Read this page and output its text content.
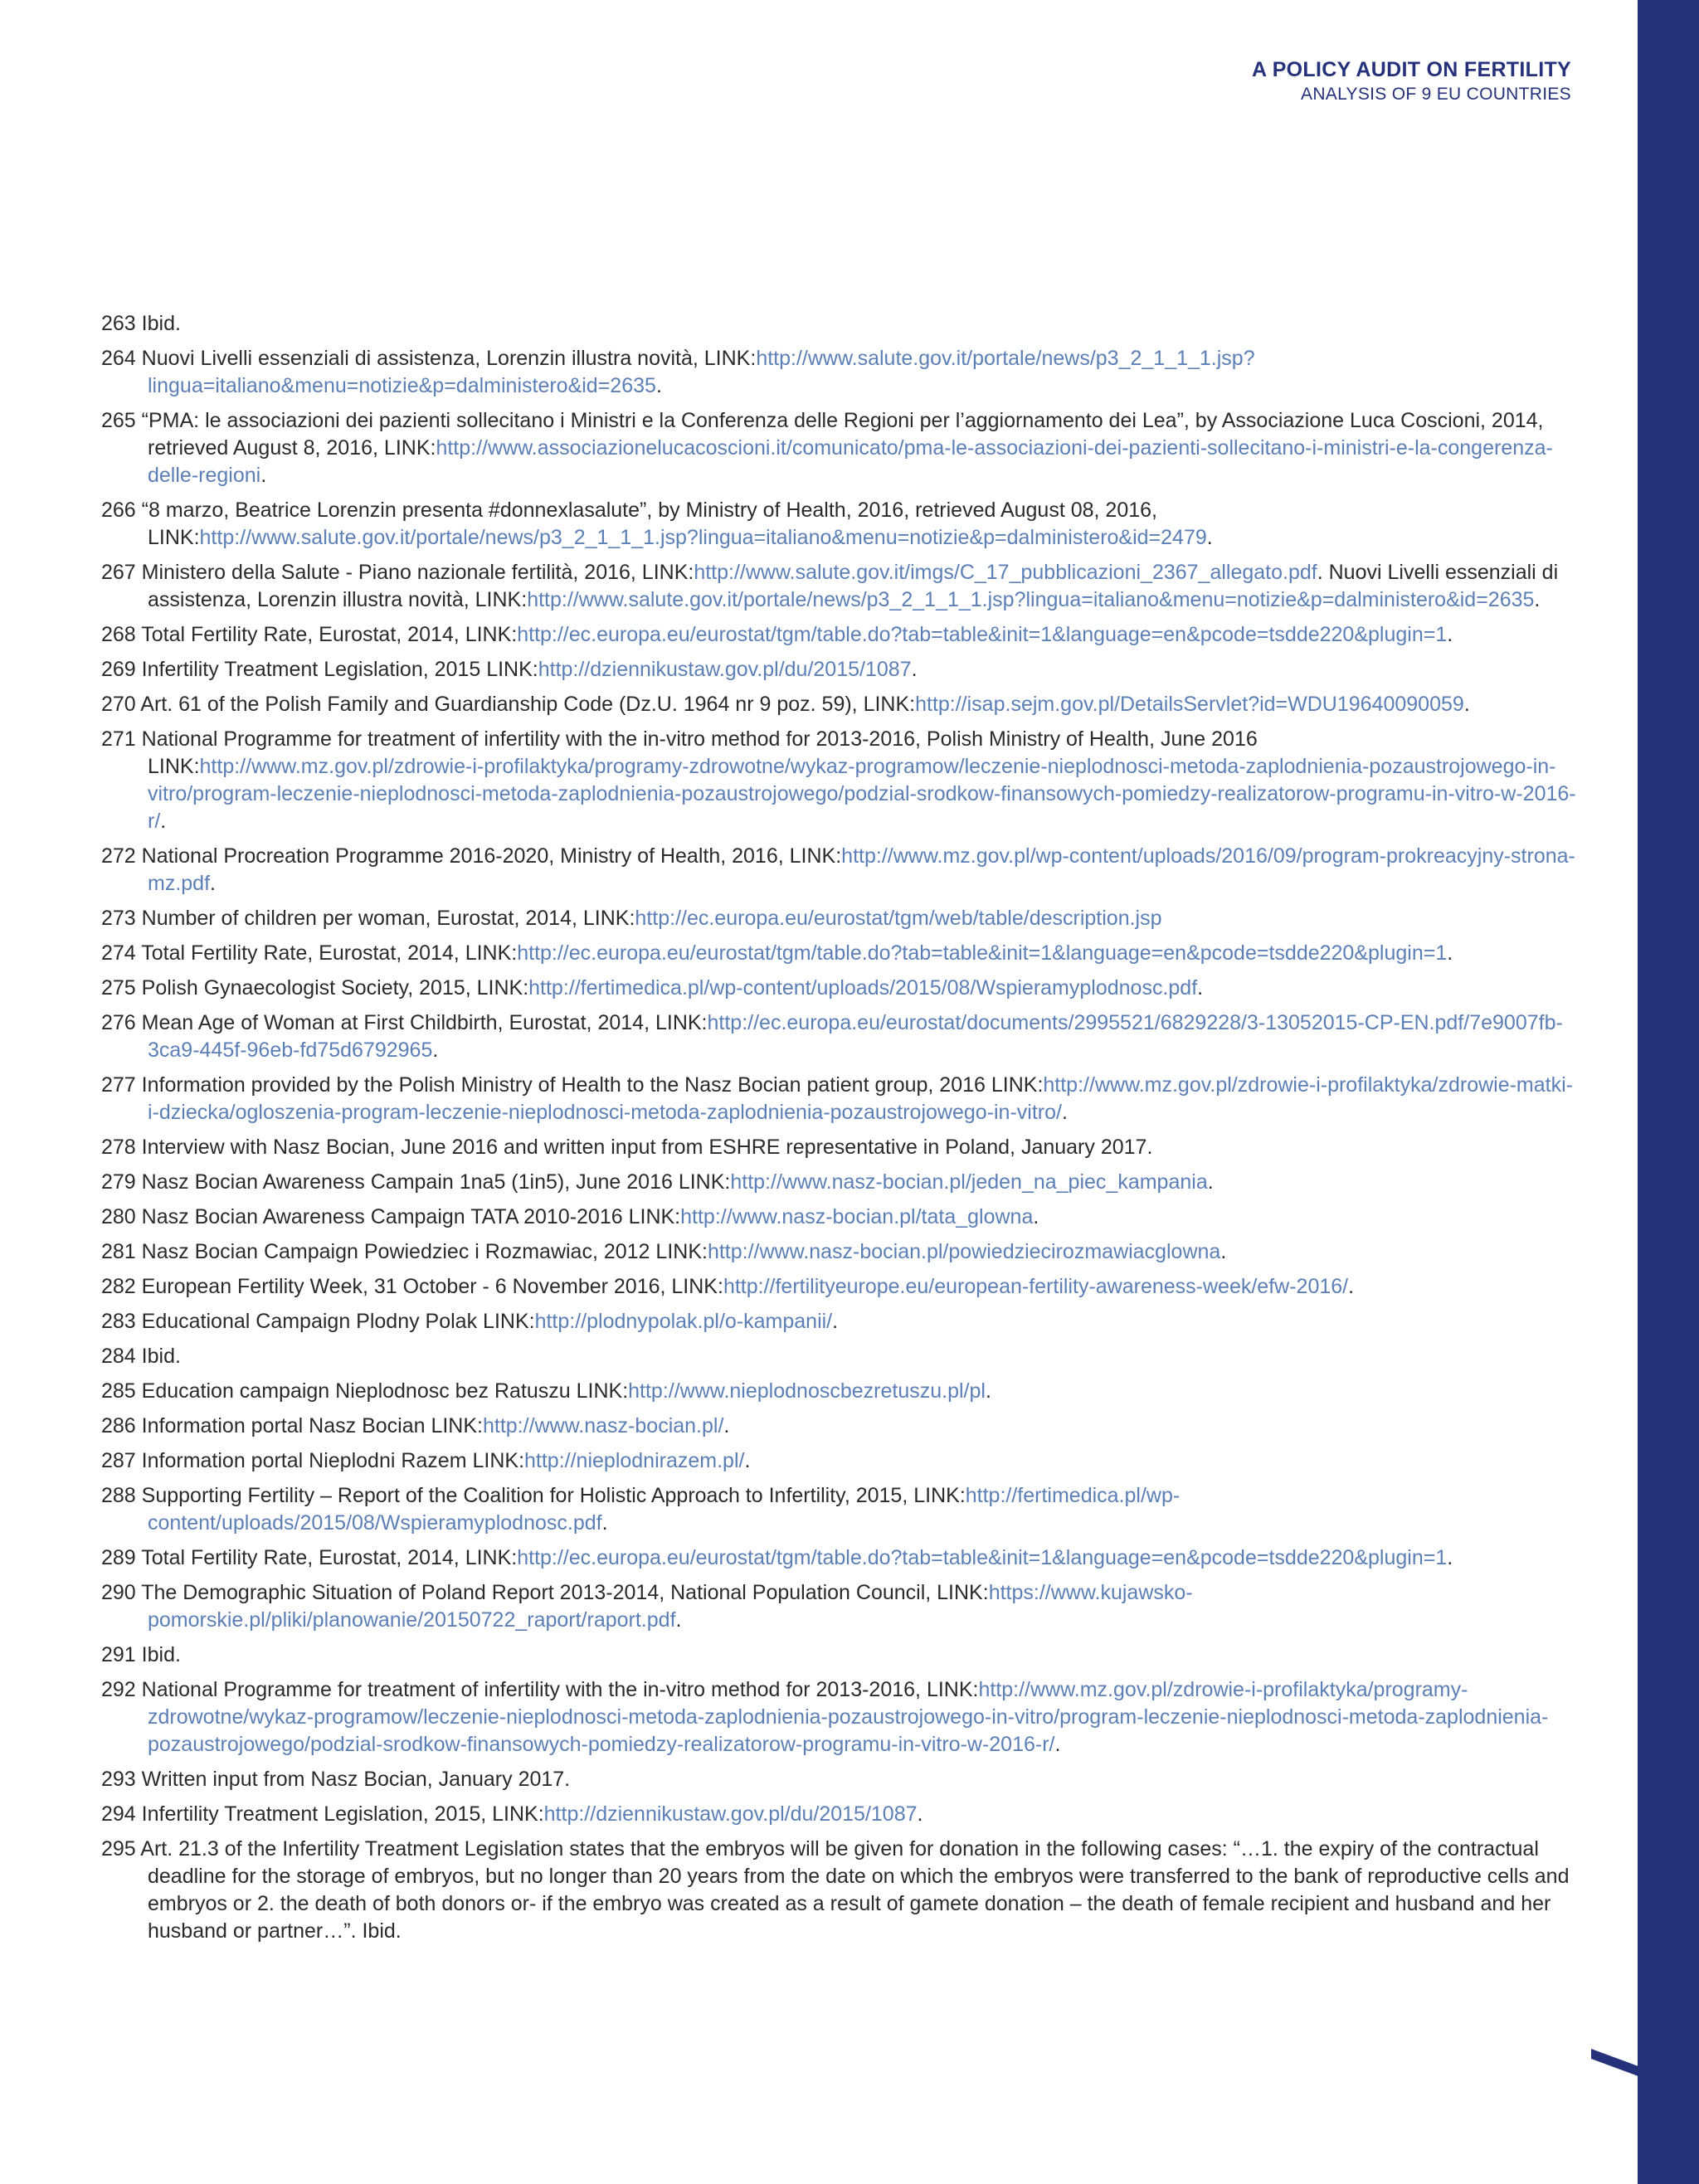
A POLICY AUDIT ON FERTILITY
ANALYSIS OF 9 EU COUNTRIES
263 Ibid.
264 Nuovi Livelli essenziali di assistenza, Lorenzin illustra novità, LINK:http://www.salute.gov.it/portale/news/p3_2_1_1_1.jsp?lingua=italiano&menu=notizie&p=dalministero&id=2635.
265 “PMA: le associazioni dei pazienti sollecitano i Ministri e la Conferenza delle Regioni per l’aggiornamento dei Lea”, by Associazione Luca Coscioni, 2014, retrieved August 8, 2016, LINK:http://www.associazionelucacoscioni.it/comunicato/pma-le-associazioni-dei-pazienti-sollecitano-i-ministri-e-la-congerenza-delle-regioni.
266 “8 marzo, Beatrice Lorenzin presenta #donnexlasalute”, by Ministry of Health, 2016, retrieved August 08, 2016, LINK:http://www.salute.gov.it/portale/news/p3_2_1_1_1.jsp?lingua=italiano&menu=notizie&p=dalministero&id=2479.
267 Ministero della Salute - Piano nazionale fertilità, 2016, LINK:http://www.salute.gov.it/imgs/C_17_pubblicazioni_2367_allegato.pdf. Nuovi Livelli essenziali di assistenza, Lorenzin illustra novità, LINK:http://www.salute.gov.it/portale/news/p3_2_1_1_1.jsp?lingua=italiano&menu=notizie&p=dalministero&id=2635.
268 Total Fertility Rate, Eurostat, 2014, LINK:http://ec.europa.eu/eurostat/tgm/table.do?tab=table&init=1&language=en&pcode=tsdde220&plugin=1.
269 Infertility Treatment Legislation, 2015 LINK:http://dziennikustaw.gov.pl/du/2015/1087.
270 Art. 61 of the Polish Family and Guardianship Code (Dz.U. 1964 nr 9 poz. 59), LINK:http://isap.sejm.gov.pl/DetailsServlet?id=WDU19640090059.
271 National Programme for treatment of infertility with the in-vitro method for 2013-2016, Polish Ministry of Health, June 2016 LINK:http://www.mz.gov.pl/zdrowie-i-profilaktyka/programy-zdrowotne/wykaz-programow/leczenie-nieplodnosci-metoda-zaplodnienia-pozaustrojowego-in-vitro/program-leczenie-nieplodnosci-metoda-zaplodnienia-pozaustrojowego/podzial-srodkow-finansowych-pomiedzy-realizatorow-programu-in-vitro-w-2016-r/.
272 National Procreation Programme 2016-2020, Ministry of Health, 2016, LINK:http://www.mz.gov.pl/wp-content/uploads/2016/09/program-prokreacyjny-strona-mz.pdf.
273 Number of children per woman, Eurostat, 2014, LINK:http://ec.europa.eu/eurostat/tgm/web/table/description.jsp
274 Total Fertility Rate, Eurostat, 2014, LINK:http://ec.europa.eu/eurostat/tgm/table.do?tab=table&init=1&language=en&pcode=tsdde220&plugin=1.
275 Polish Gynaecologist Society, 2015, LINK:http://fertimedica.pl/wp-content/uploads/2015/08/Wspieramyplodnosc.pdf.
276 Mean Age of Woman at First Childbirth, Eurostat, 2014, LINK:http://ec.europa.eu/eurostat/documents/2995521/6829228/3-13052015-CP-EN.pdf/7e9007fb-3ca9-445f-96eb-fd75d6792965.
277 Information provided by the Polish Ministry of Health to the Nasz Bocian patient group, 2016 LINK:http://www.mz.gov.pl/zdrowie-i-profilaktyka/zdrowie-matki-i-dziecka/ogloszenia-program-leczenie-nieplodnosci-metoda-zaplodnienia-pozaustrojowego-in-vitro/.
278 Interview with Nasz Bocian, June 2016 and written input from ESHRE representative in Poland, January 2017.
279 Nasz Bocian Awareness Campain 1na5 (1in5), June 2016 LINK:http://www.nasz-bocian.pl/jeden_na_piec_kampania.
280 Nasz Bocian Awareness Campaign TATA 2010-2016 LINK:http://www.nasz-bocian.pl/tata_glowna.
281 Nasz Bocian Campaign Powiedziec i Rozmawiac, 2012 LINK:http://www.nasz-bocian.pl/powiedziecirozmawiacglowna.
282 European Fertility Week, 31 October - 6 November 2016, LINK:http://fertilityeurope.eu/european-fertility-awareness-week/efw-2016/.
283 Educational Campaign Plodny Polak LINK:http://plodnypolak.pl/o-kampanii/.
284 Ibid.
285 Education campaign Nieplodnosc bez Ratuszu LINK:http://www.nieplodnoscbezretuszu.pl/pl.
286 Information portal Nasz Bocian LINK:http://www.nasz-bocian.pl/.
287 Information portal Nieplodni Razem LINK:http://nieplodnirazem.pl/.
288 Supporting Fertility – Report of the Coalition for Holistic Approach to Infertility, 2015, LINK:http://fertimedica.pl/wp-content/uploads/2015/08/Wspieramyplodnosc.pdf.
289 Total Fertility Rate, Eurostat, 2014, LINK:http://ec.europa.eu/eurostat/tgm/table.do?tab=table&init=1&language=en&pcode=tsdde220&plugin=1.
290 The Demographic Situation of Poland Report 2013-2014, National Population Council, LINK:https://www.kujawsko-pomorskie.pl/pliki/planowanie/20150722_raport/raport.pdf.
291 Ibid.
292 National Programme for treatment of infertility with the in-vitro method for 2013-2016, LINK:http://www.mz.gov.pl/zdrowie-i-profilaktyka/programy-zdrowotne/wykaz-programow/leczenie-nieplodnosci-metoda-zaplodnienia-pozaustrojowego-in-vitro/program-leczenie-nieplodnosci-metoda-zaplodnienia-pozaustrojowego/podzial-srodkow-finansowych-pomiedzy-realizatorow-programu-in-vitro-w-2016-r/.
293 Written input from Nasz Bocian, January 2017.
294 Infertility Treatment Legislation, 2015, LINK:http://dziennikustaw.gov.pl/du/2015/1087.
295 Art. 21.3 of the Infertility Treatment Legislation states that the embryos will be given for donation in the following cases: “…1. the expiry of the contractual deadline for the storage of embryos, but no longer than 20 years from the date on which the embryos were transferred to the bank of reproductive cells and embryos or 2. the death of both donors or- if the embryo was created as a result of gamete donation – the death of female recipient and husband and her husband or partner…”. Ibid.
67
